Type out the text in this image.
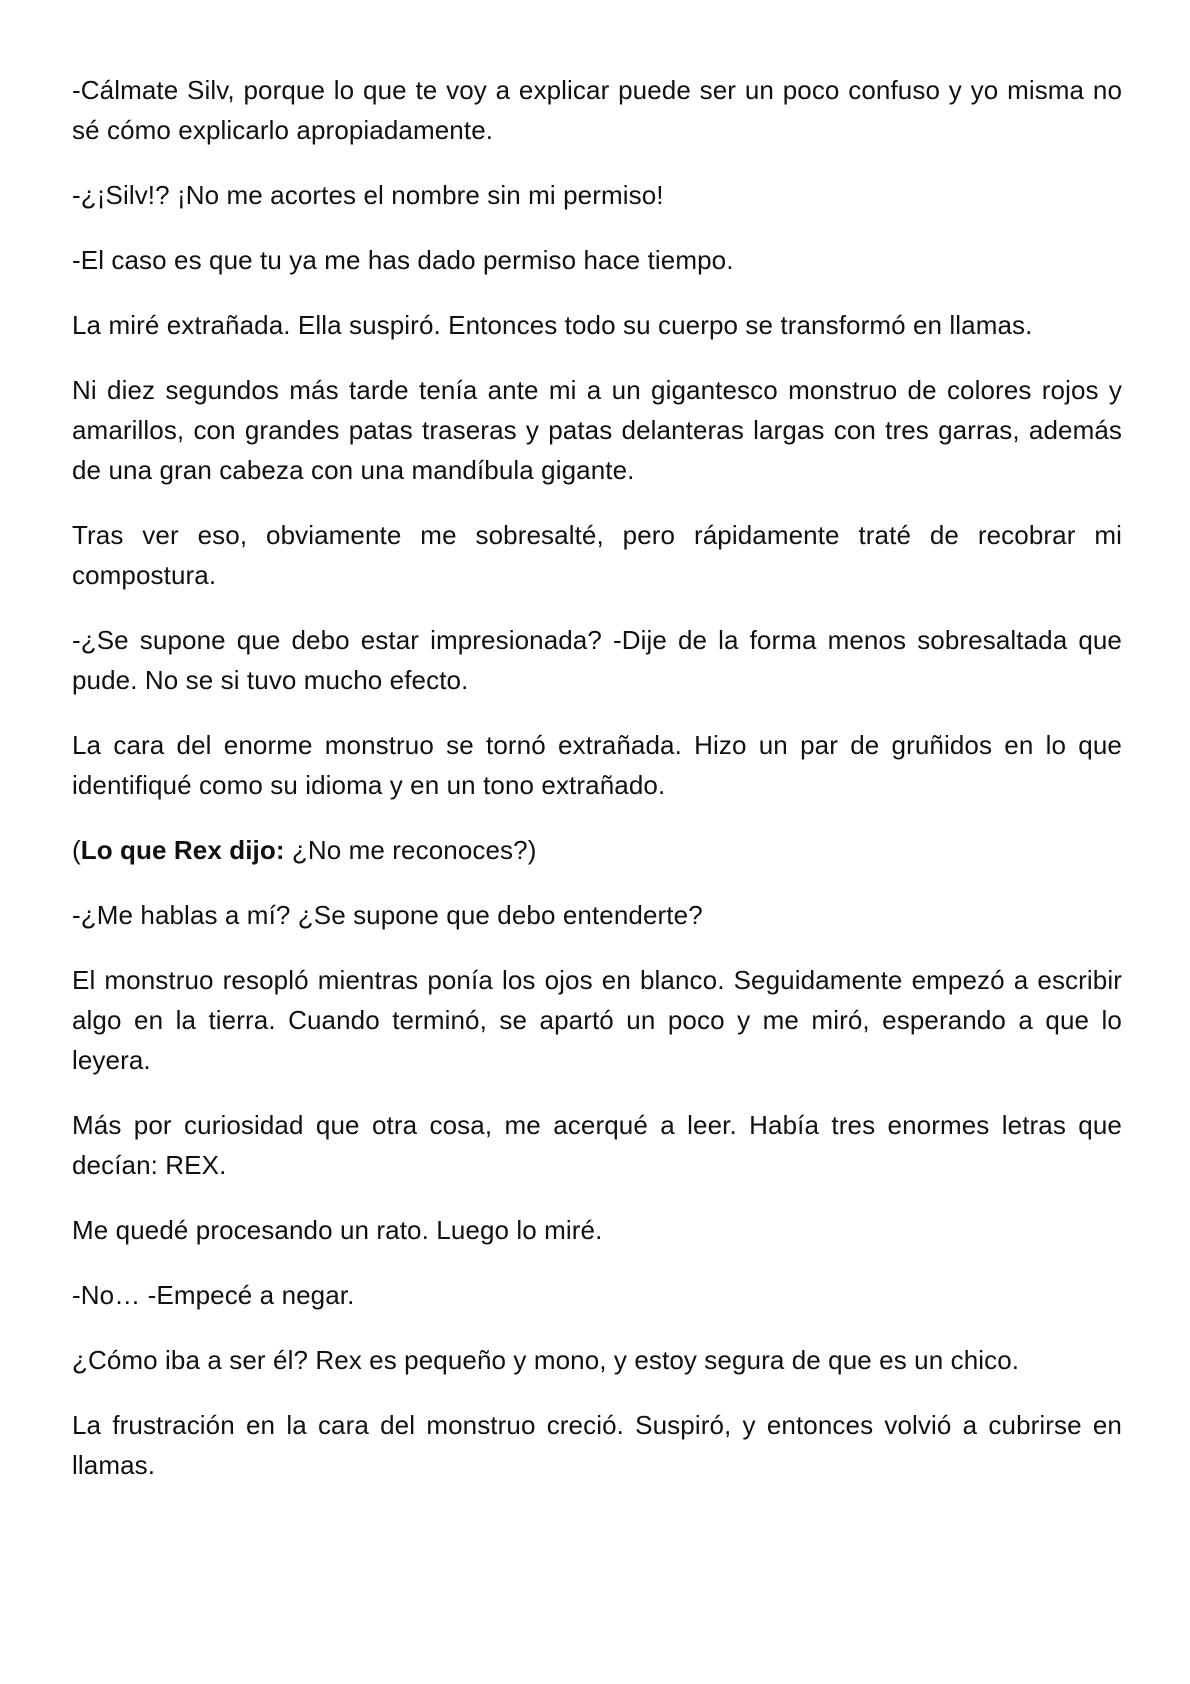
-Cálmate Silv, porque lo que te voy a explicar puede ser un poco confuso y yo misma no sé cómo explicarlo apropiadamente.

-¿¡Silv!? ¡No me acortes el nombre sin mi permiso!

-El caso es que tu ya me has dado permiso hace tiempo.

La miré extrañada. Ella suspiró. Entonces todo su cuerpo se transformó en llamas.

Ni diez segundos más tarde tenía ante mi a un gigantesco monstruo de colores rojos y amarillos, con grandes patas traseras y patas delanteras largas con tres garras, además de una gran cabeza con una mandíbula gigante.

Tras ver eso, obviamente me sobresalté, pero rápidamente traté de recobrar mi compostura.

-¿Se supone que debo estar impresionada? -Dije de la forma menos sobresaltada que pude. No se si tuvo mucho efecto.

La cara del enorme monstruo se tornó extrañada. Hizo un par de gruñidos en lo que identifiqué como su idioma y en un tono extrañado.

(Lo que Rex dijo: ¿No me reconoces?)

-¿Me hablas a mí? ¿Se supone que debo entenderte?

El monstruo resopló mientras ponía los ojos en blanco. Seguidamente empezó a escribir algo en la tierra. Cuando terminó, se apartó un poco y me miró, esperando a que lo leyera.

Más por curiosidad que otra cosa, me acerqué a leer. Había tres enormes letras que decían: REX.

Me quedé procesando un rato. Luego lo miré.

-No… -Empecé a negar.

¿Cómo iba a ser él? Rex es pequeño y mono, y estoy segura de que es un chico.

La frustración en la cara del monstruo creció. Suspiró, y entonces volvió a cubrirse en llamas.
